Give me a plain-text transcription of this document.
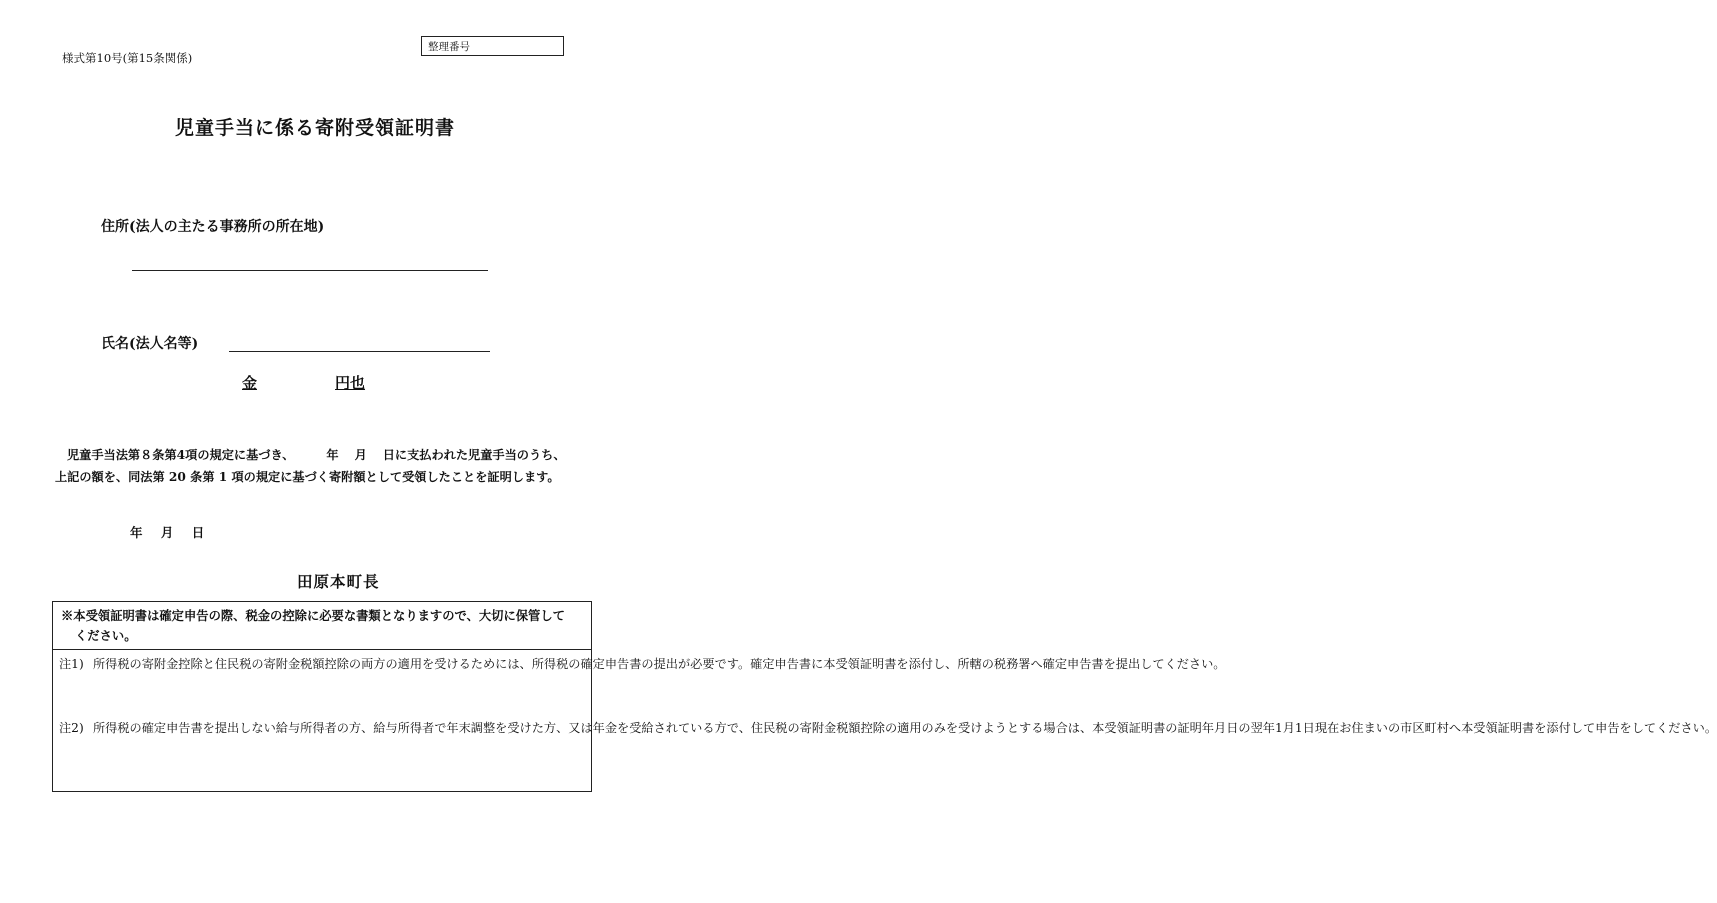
様式第10号(第15条関係)
整理番号
児童手当に係る寄附受領証明書
住所(法人の主たる事務所の所在地)
氏名(法人名等)
金	円也
児童手当法第８条第4項の規定に基づき、	年 月 日に支払われた児童手当のうち、上記の額を、同法第 20 条第 1 項の規定に基づく寄附額として受領したことを証明します。
年 月 日
田原本町長
※本受領証明書は確定申告の際、税金の控除に必要な書類となりますので、大切に保管して
ください。
注1) 所得税の寄附金控除と住民税の寄附金税額控除の両方の適用を受けるためには、所得税の確定申告書の提出が必要です。確定申告書に本受領証明書を添付し、所轄の税務署へ確定申告書を提出してください。
注2) 所得税の確定申告書を提出しない給与所得者の方、給与所得者で年末調整を受けた方、又は年金を受給されている方で、住民税の寄附金税額控除の適用のみを受けようとする場合は、本受領証明書の証明年月日の翌年1月1日現在お住まいの市区町村へ本受領証明書を添付して申告をしてください。
